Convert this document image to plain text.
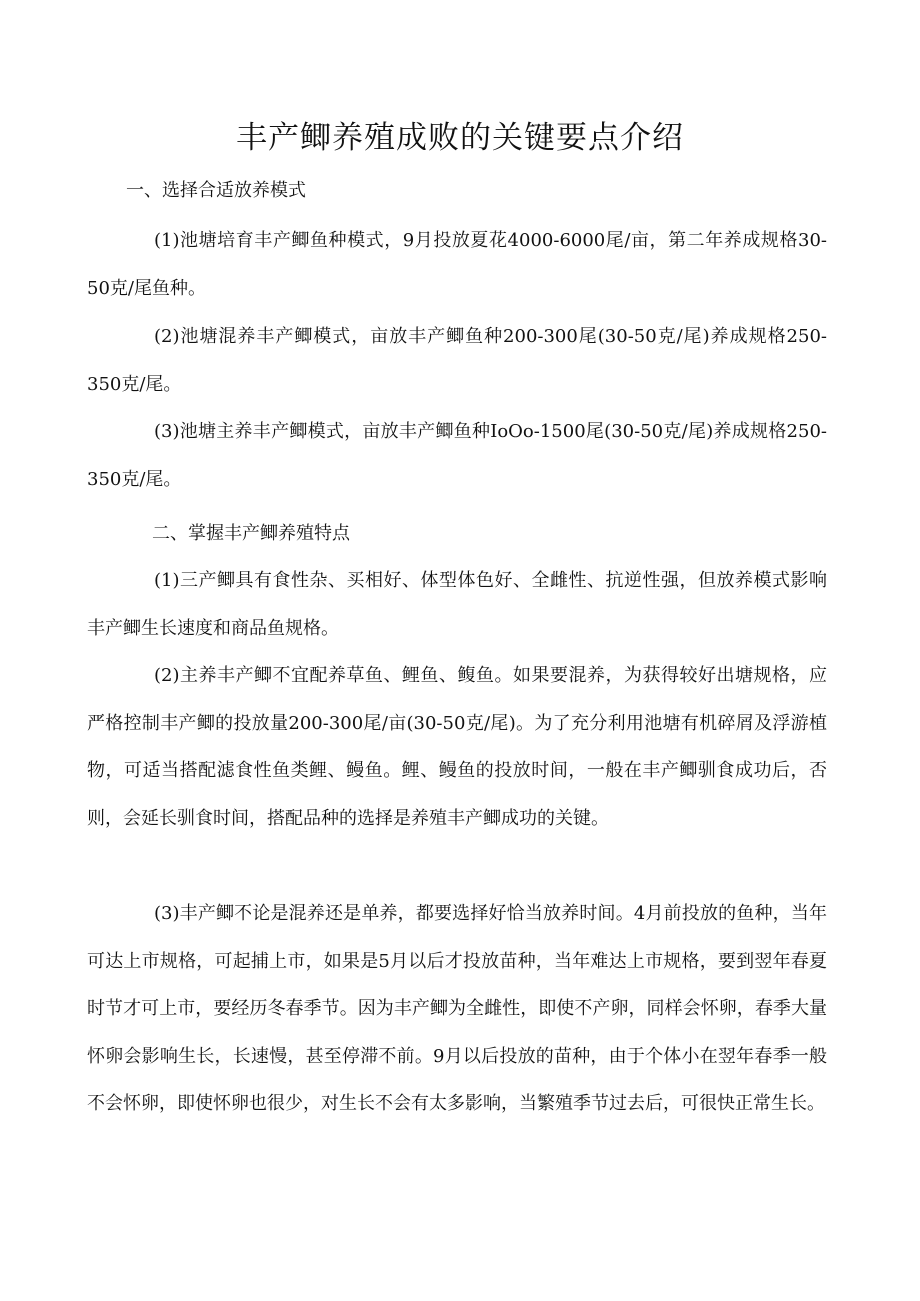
丰产鲫养殖成败的关键要点介绍
一、选择合适放养模式
(1)池塘培育丰产鲫鱼种模式，9月投放夏花4000-6000尾/亩，第二年养成规格30-50克/尾鱼种。
(2)池塘混养丰产鲫模式，亩放丰产鲫鱼种200-300尾(30-50克/尾)养成规格250-350克/尾。
(3)池塘主养丰产鲫模式，亩放丰产鲫鱼种IoOo-1500尾(30-50克/尾)养成规格250-350克/尾。
二、掌握丰产鲫养殖特点
(1)三产鲫具有食性杂、买相好、体型体色好、全雌性、抗逆性强，但放养模式影响丰产鲫生长速度和商品鱼规格。
(2)主养丰产鲫不宜配养草鱼、鲤鱼、鳆鱼。如果要混养，为获得较好出塘规格，应严格控制丰产鲫的投放量200-300尾/亩(30-50克/尾)。为了充分利用池塘有机碎屑及浮游植物，可适当搭配滤食性鱼类鲤、鳗鱼。鲤、鳗鱼的投放时间，一般在丰产鲫驯食成功后，否则，会延长驯食时间，搭配品种的选择是养殖丰产鲫成功的关键。
(3)丰产鲫不论是混养还是单养，都要选择好恰当放养时间。4月前投放的鱼种，当年可达上市规格，可起捕上市，如果是5月以后才投放苗种，当年难达上市规格，要到翌年春夏时节才可上市，要经历冬春季节。因为丰产鲫为全雌性，即使不产卵，同样会怀卵，春季大量怀卵会影响生长，长速慢，甚至停滞不前。9月以后投放的苗种，由于个体小在翌年春季一般不会怀卵，即使怀卵也很少，对生长不会有太多影响，当繁殖季节过去后，可很快正常生长。
